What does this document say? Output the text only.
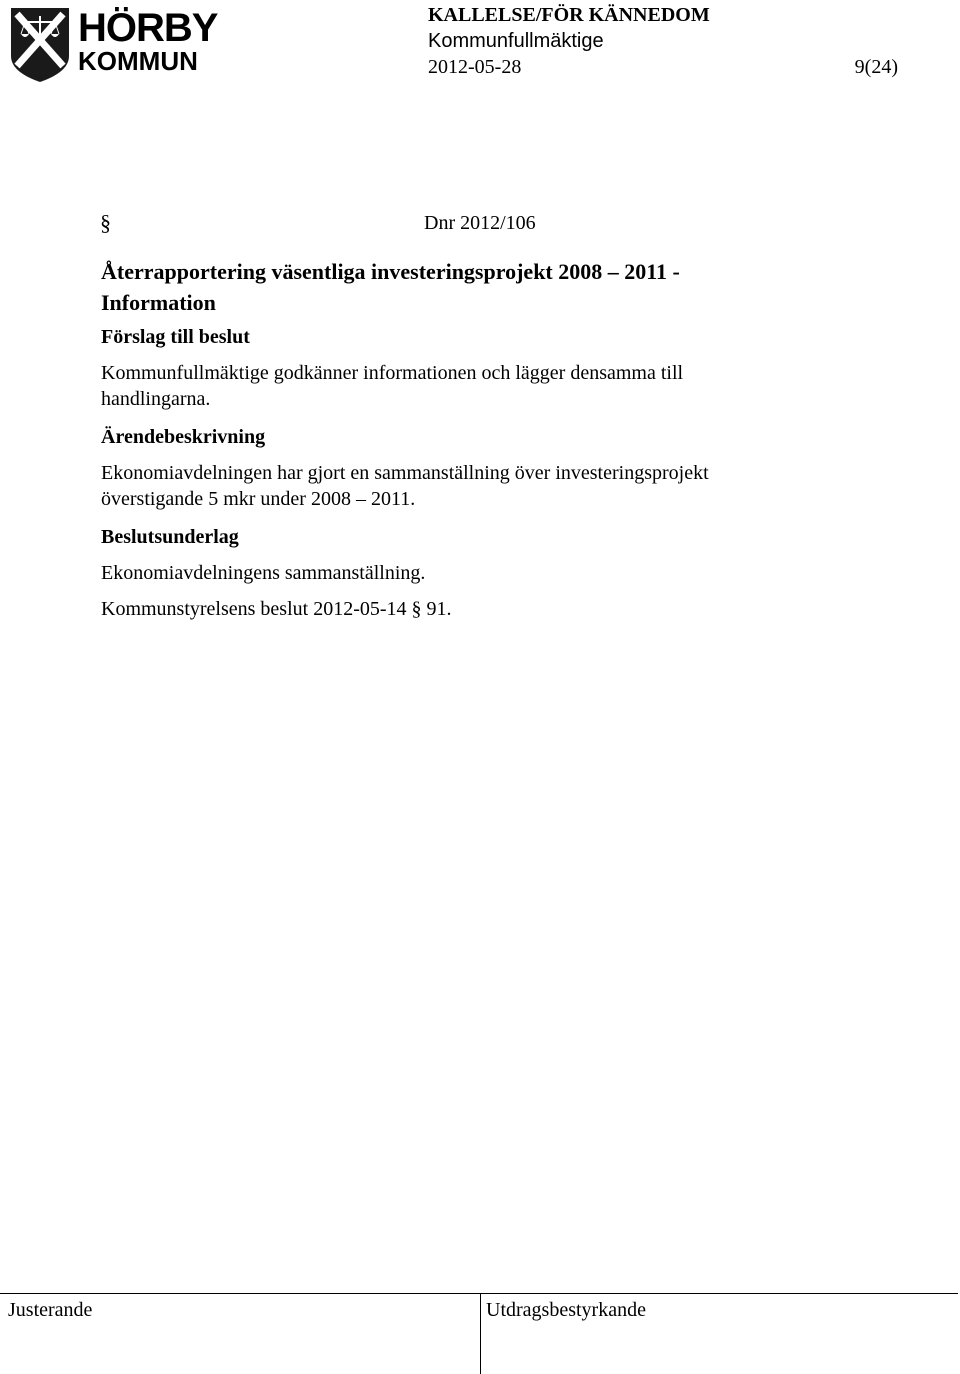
HÖRBY
KOMMUN
KALLELSE/FÖR KÄNNEDOM
Kommunfullmäktige
2012-05-28	9(24)
§	Dnr 2012/106
Återrapportering väsentliga investeringsprojekt 2008 – 2011 - Information
Förslag till beslut

Kommunfullmäktige godkänner informationen och lägger densamma till handlingarna.

Ärendebeskrivning

Ekonomiavdelningen har gjort en sammanställning över investeringsprojekt överstigande 5 mkr under 2008 – 2011.

Beslutsunderlag

Ekonomiavdelningens sammanställning.

Kommunstyrelsens beslut 2012-05-14 § 91.

Justerande	Utdragsbestyrkande
